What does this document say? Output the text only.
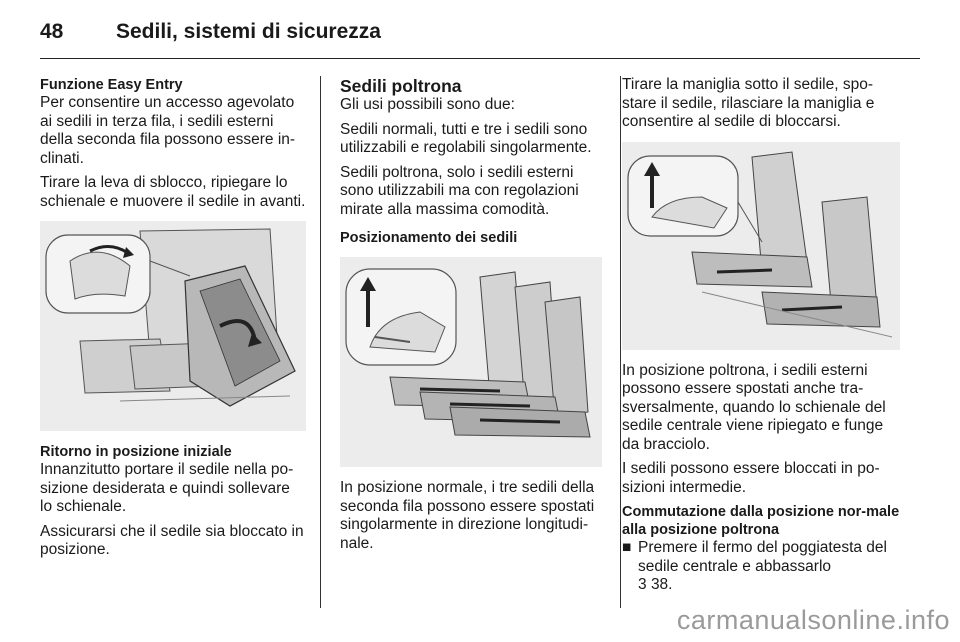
48	Sedili, sistemi di sicurezza
Funzione Easy Entry

Per consentire un accesso agevolato ai sedili in terza fila, i sedili esterni della seconda fila possono essere in-clinati.

Tirare la leva di sblocco, ripiegare lo schienale e muovere il sedile in avanti.

Ritorno in posizione iniziale

Innanzitutto portare il sedile nella po-sizione desiderata e quindi sollevare lo schienale.

Assicurarsi che il sedile sia bloccato in posizione.

Sedili poltrona

Gli usi possibili sono due:

Sedili normali, tutti e tre i sedili sono utilizzabili e regolabili singolarmente.

Sedili poltrona, solo i sedili esterni sono utilizzabili ma con regolazioni mirate alla massima comodità.

Posizionamento dei sedili

In posizione normale, i tre sedili della seconda fila possono essere spostati singolarmente in direzione longitudi-nale.

Tirare la maniglia sotto il sedile, spo-stare il sedile, rilasciare la maniglia e consentire al sedile di bloccarsi.

In posizione poltrona, i sedili esterni possono essere spostati anche tra-sversalmente, quando lo schienale del sedile centrale viene ripiegato e funge da bracciolo.

I sedili possono essere bloccati in po-sizioni intermedie.

Commutazione dalla posizione nor-male alla posizione poltrona
■ Premere il fermo del poggiatesta del sedile centrale e abbassarlo
3 38.
carmanualsonline.info
